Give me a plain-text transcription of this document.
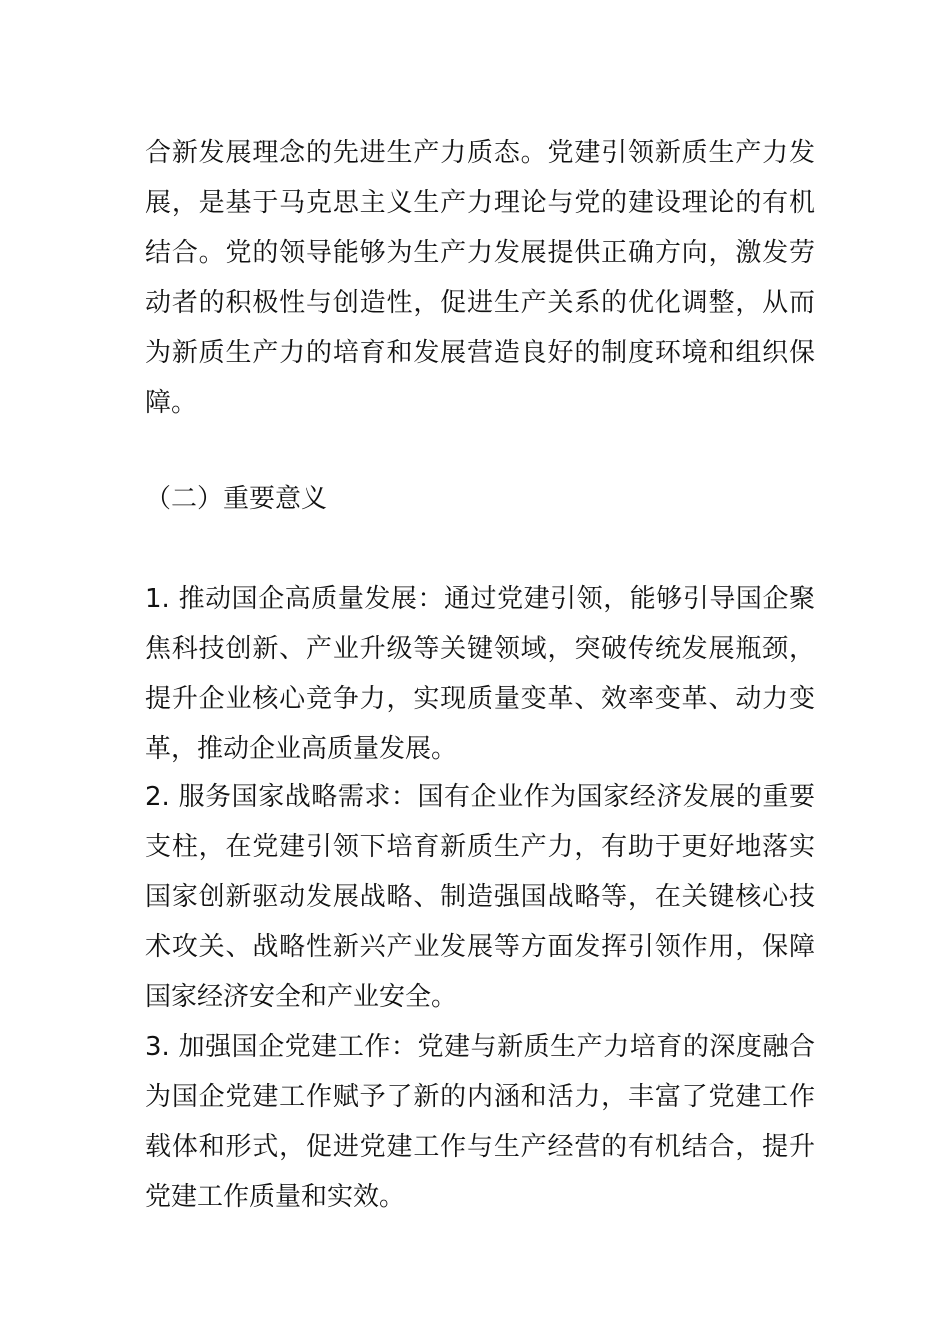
合新发展理念的先进生产力质态。党建引领新质生产力发
展，是基于马克思主义生产力理论与党的建设理论的有机
结合。党的领导能够为生产力发展提供正确方向，激发劳
动者的积极性与创造性，促进生产关系的优化调整，从而
为新质生产力的培育和发展营造良好的制度环境和组织保
障。
（二）重要意义
1. 推动国企高质量发展：通过党建引领，能够引导国企聚
焦科技创新、产业升级等关键领域，突破传统发展瓶颈，
提升企业核心竞争力，实现质量变革、效率变革、动力变
革，推动企业高质量发展。
2. 服务国家战略需求：国有企业作为国家经济发展的重要
支柱，在党建引领下培育新质生产力，有助于更好地落实
国家创新驱动发展战略、制造强国战略等，在关键核心技
术攻关、战略性新兴产业发展等方面发挥引领作用，保障
国家经济安全和产业安全。
3. 加强国企党建工作：党建与新质生产力培育的深度融合
为国企党建工作赋予了新的内涵和活力，丰富了党建工作
载体和形式，促进党建工作与生产经营的有机结合，提升
党建工作质量和实效。
